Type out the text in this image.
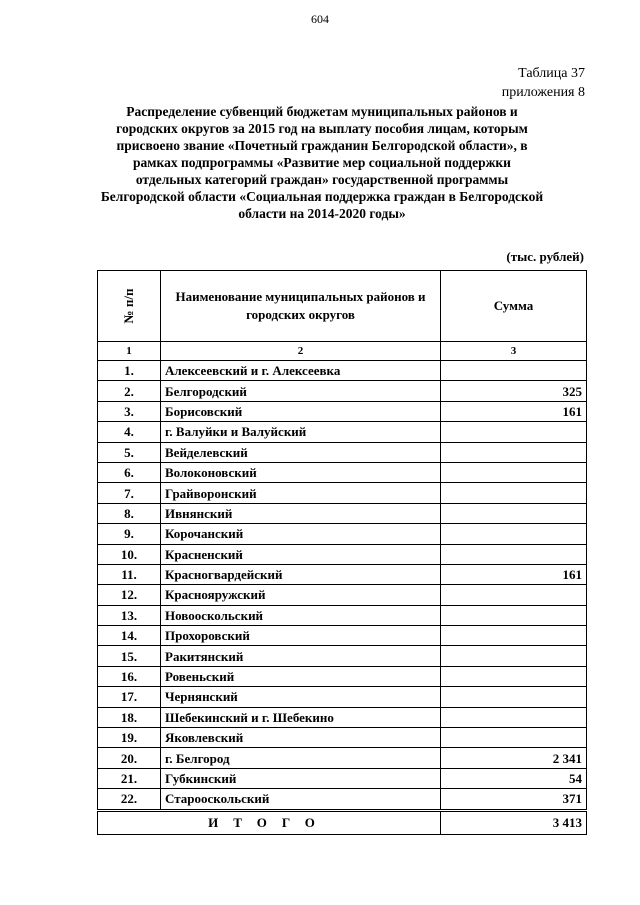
604
Таблица 37
приложения 8
Распределение субвенций бюджетам муниципальных районов и городских округов за 2015 год на выплату пособия лицам, которым присвоено звание «Почетный гражданин Белгородской области», в рамках подпрограммы «Развитие мер социальной поддержки отдельных категорий граждан» государственной программы Белгородской области «Социальная поддержка граждан в Белгородской области на 2014-2020 годы»
(тыс. рублей)
№ п/п	Наименование муниципальных районов и городских округов	Сумма
1	2	3
1.	Алексеевский и г. Алексеевка	
2.	Белгородский	325
3.	Борисовский	161
4.	г. Валуйки и Валуйский	
5.	Вейделевский	
6.	Волоконовский	
7.	Грайворонский	
8.	Ивнянский	
9.	Корочанский	
10.	Красненский	
11.	Красногвардейский	161
12.	Краснояружский	
13.	Новооскольский	
14.	Прохоровский	
15.	Ракитянский	
16.	Ровеньский	
17.	Чернянский	
18.	Шебекинский и г. Шебекино	
19.	Яковлевский	
20.	г. Белгород	2 341
21.	Губкинский	54
22.	Старооскольский	371
ИТОГО		3 413
